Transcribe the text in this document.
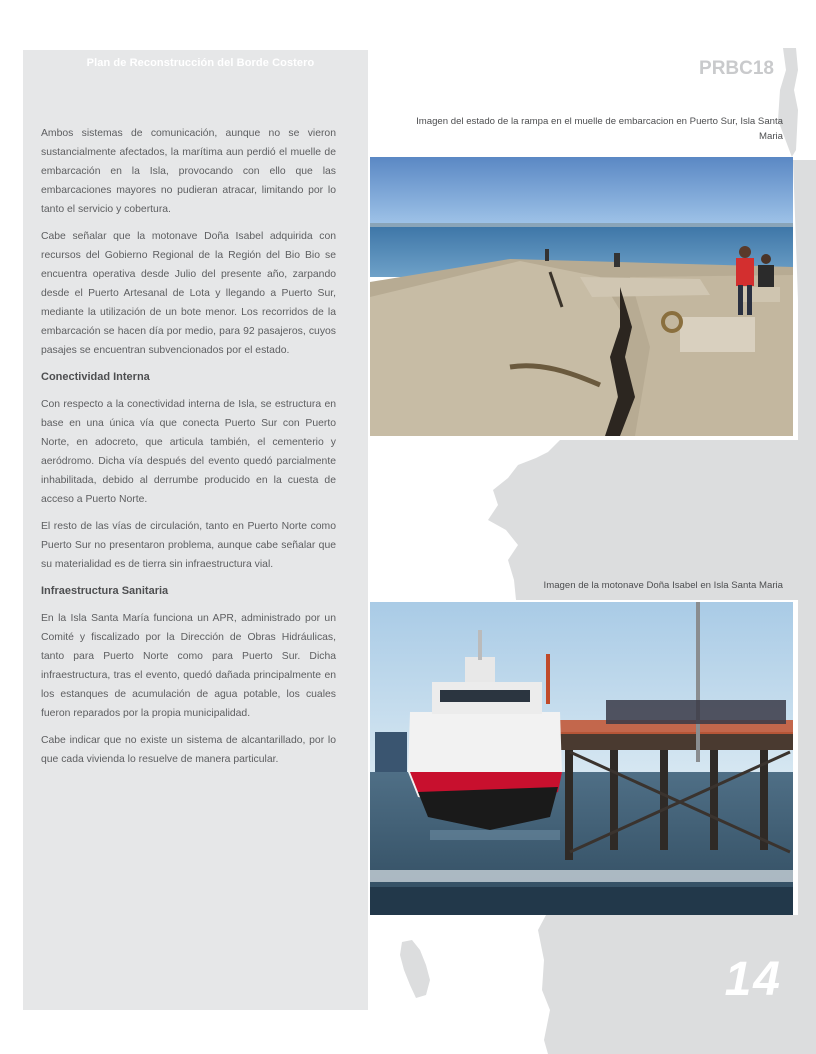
Plan de Reconstrucción del Borde Costero

Ambos sistemas de comunicación, aunque no se vieron sustancialmente afectados, la marítima aun perdió el muelle de embarcación en la Isla, provocando con ello que las embarcaciones mayores no pudieran atracar, limitando por lo tanto el servicio y cobertura.

Cabe señalar que la motonave Doña Isabel adquirida con recursos del Gobierno Regional de la Región del Bio Bio se encuentra operativa desde Julio del presente año, zarpando desde el Puerto Artesanal de Lota y llegando a Puerto Sur, mediante la utilización de un bote menor. Los recorridos de la embarcación se hacen día por medio, para 92 pasajeros, cuyos pasajes se encuentran subvencionados por el estado.

Conectividad Interna

Con respecto a la conectividad interna de Isla, se estructura en base en una única vía que conecta Puerto Sur con Puerto Norte, en adocreto, que articula también, el cementerio y aeródromo. Dicha vía después del evento quedó parcialmente inhabilitada, debido al derrumbe producido en la cuesta de acceso a Puerto Norte.

El resto de las vías de circulación, tanto en Puerto Norte como Puerto Sur no presentaron problema, aunque cabe señalar que su materialidad es de tierra sin infraestructura vial.

Infraestructura Sanitaria

En la Isla Santa María funciona un APR, administrado por un Comité y fiscalizado por la Dirección de Obras Hidráulicas, tanto para Puerto Norte como para Puerto Sur. Dicha infraestructura, tras el evento, quedó dañada principalmente en los estanques de acumulación de agua potable, los cuales fueron reparados por la propia municipalidad.

Cabe indicar que no existe un sistema de alcantarillado, por lo que cada vivienda lo resuelve de manera particular.

PRBC18
Imagen del estado de la rampa en el muelle de embarcacion en Puerto Sur, Isla Santa Maria
Imagen de la motonave Doña Isabel en Isla Santa Maria
14
